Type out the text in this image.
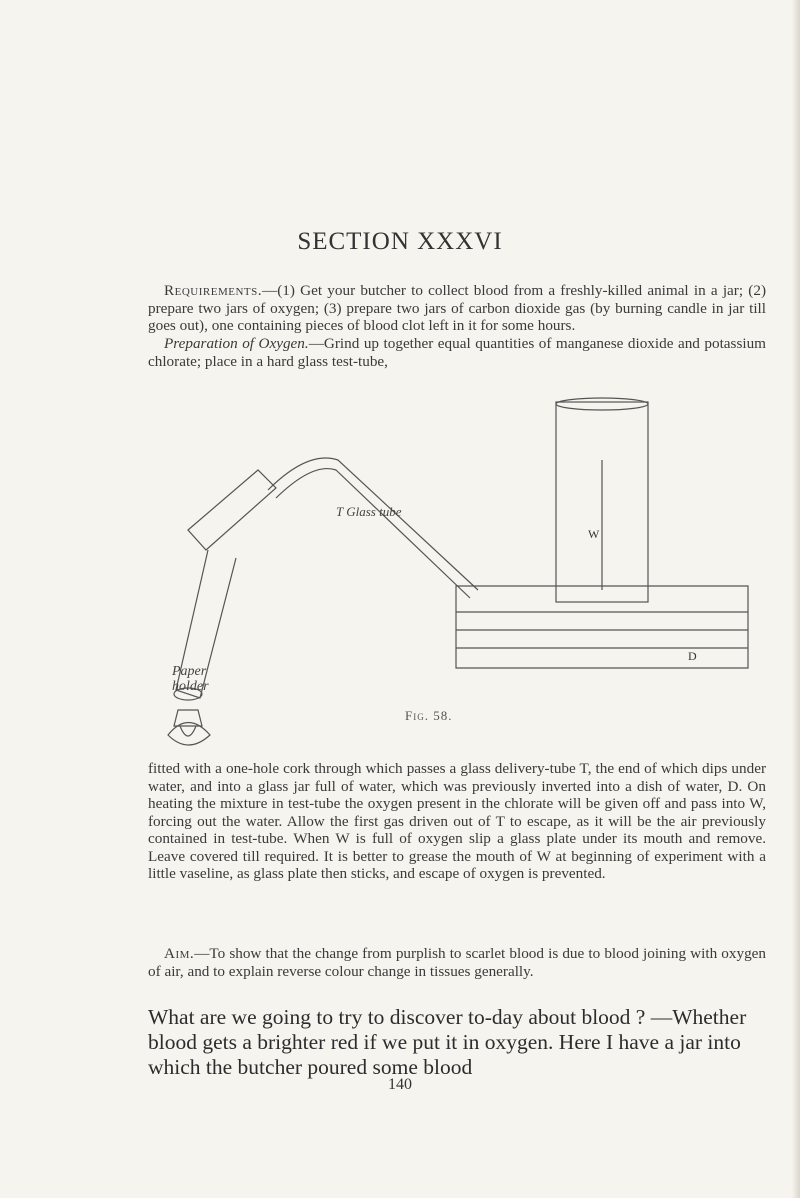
SECTION XXXVI

Requirements.—(1) Get your butcher to collect blood from a freshly-killed animal in a jar; (2) prepare two jars of oxygen; (3) prepare two jars of carbon dioxide gas (by burning candle in jar till goes out), one containing pieces of blood clot left in it for some hours.

Preparation of Oxygen.—Grind up together equal quantities of manganese dioxide and potassium chlorate; place in a hard glass test-tube,

T Glass tube
W
D
Paper
holder
Fig. 58.

fitted with a one-hole cork through which passes a glass delivery-tube T, the end of which dips under water, and into a glass jar full of water, which was previously inverted into a dish of water, D. On heating the mixture in test-tube the oxygen present in the chlorate will be given off and pass into W, forcing out the water. Allow the first gas driven out of T to escape, as it will be the air previously contained in test-tube. When W is full of oxygen slip a glass plate under its mouth and remove. Leave covered till required. It is better to grease the mouth of W at beginning of experiment with a little vaseline, as glass plate then sticks, and escape of oxygen is prevented.

Aim.—To show that the change from purplish to scarlet blood is due to blood joining with oxygen of air, and to explain reverse colour change in tissues generally.

What are we going to try to discover to-day about blood ? —Whether blood gets a brighter red if we put it in oxygen. Here I have a jar into which the butcher poured some blood

140
